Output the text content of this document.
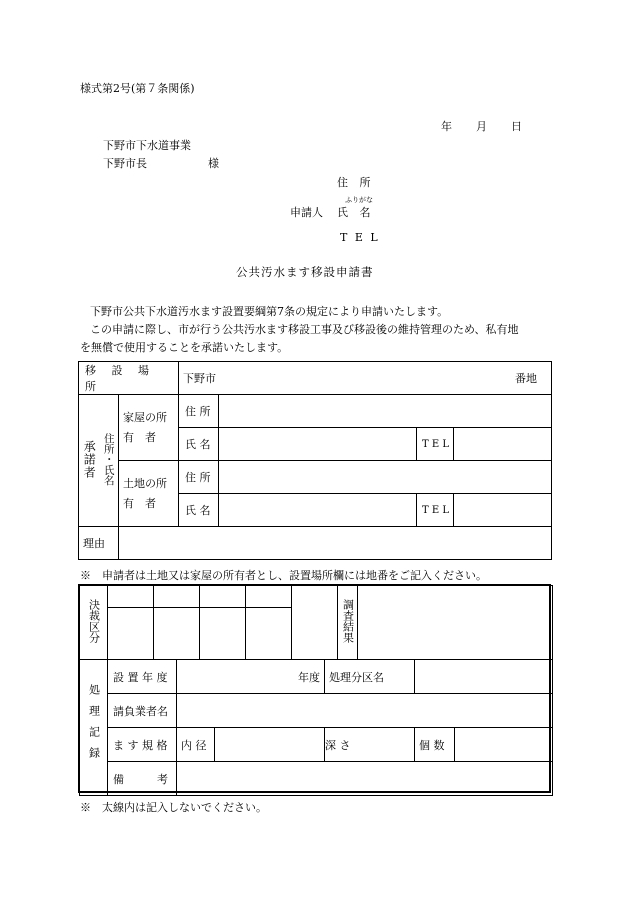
様式第2号(第７条関係)
年 月 日
下野市下水道事業
下野市長	様
住 所
ふりがな
申請人 氏 名
T E L
公共汚水ます移設申請書
下野市公共下水道汚水ます設置要綱第7条の規定により申請いたします。
この申請に際し、市が行う公共汚水ます移設工事及び移設後の維持管理のため、私有地
を無償で使用することを承諾いたします。
移 設 場 所			下野市 番地			

承諾者	住所・氏名	家屋の所有　者	住 所			
			氏 名		T E L	
		土地の所有　者	住 所			
			氏 名		T E L	
理由						
※　申請者は土地又は家屋の所有者とし、設置場所欄には地番をご記入ください。
決裁区分						調査結果	

処理記録	設 置 年 度	年度		処理分区名		
	請負業者名					
	ま す 規 格	内 径		深 さ	個 数	
	備　　　考					
※　太線内は記入しないでください。
